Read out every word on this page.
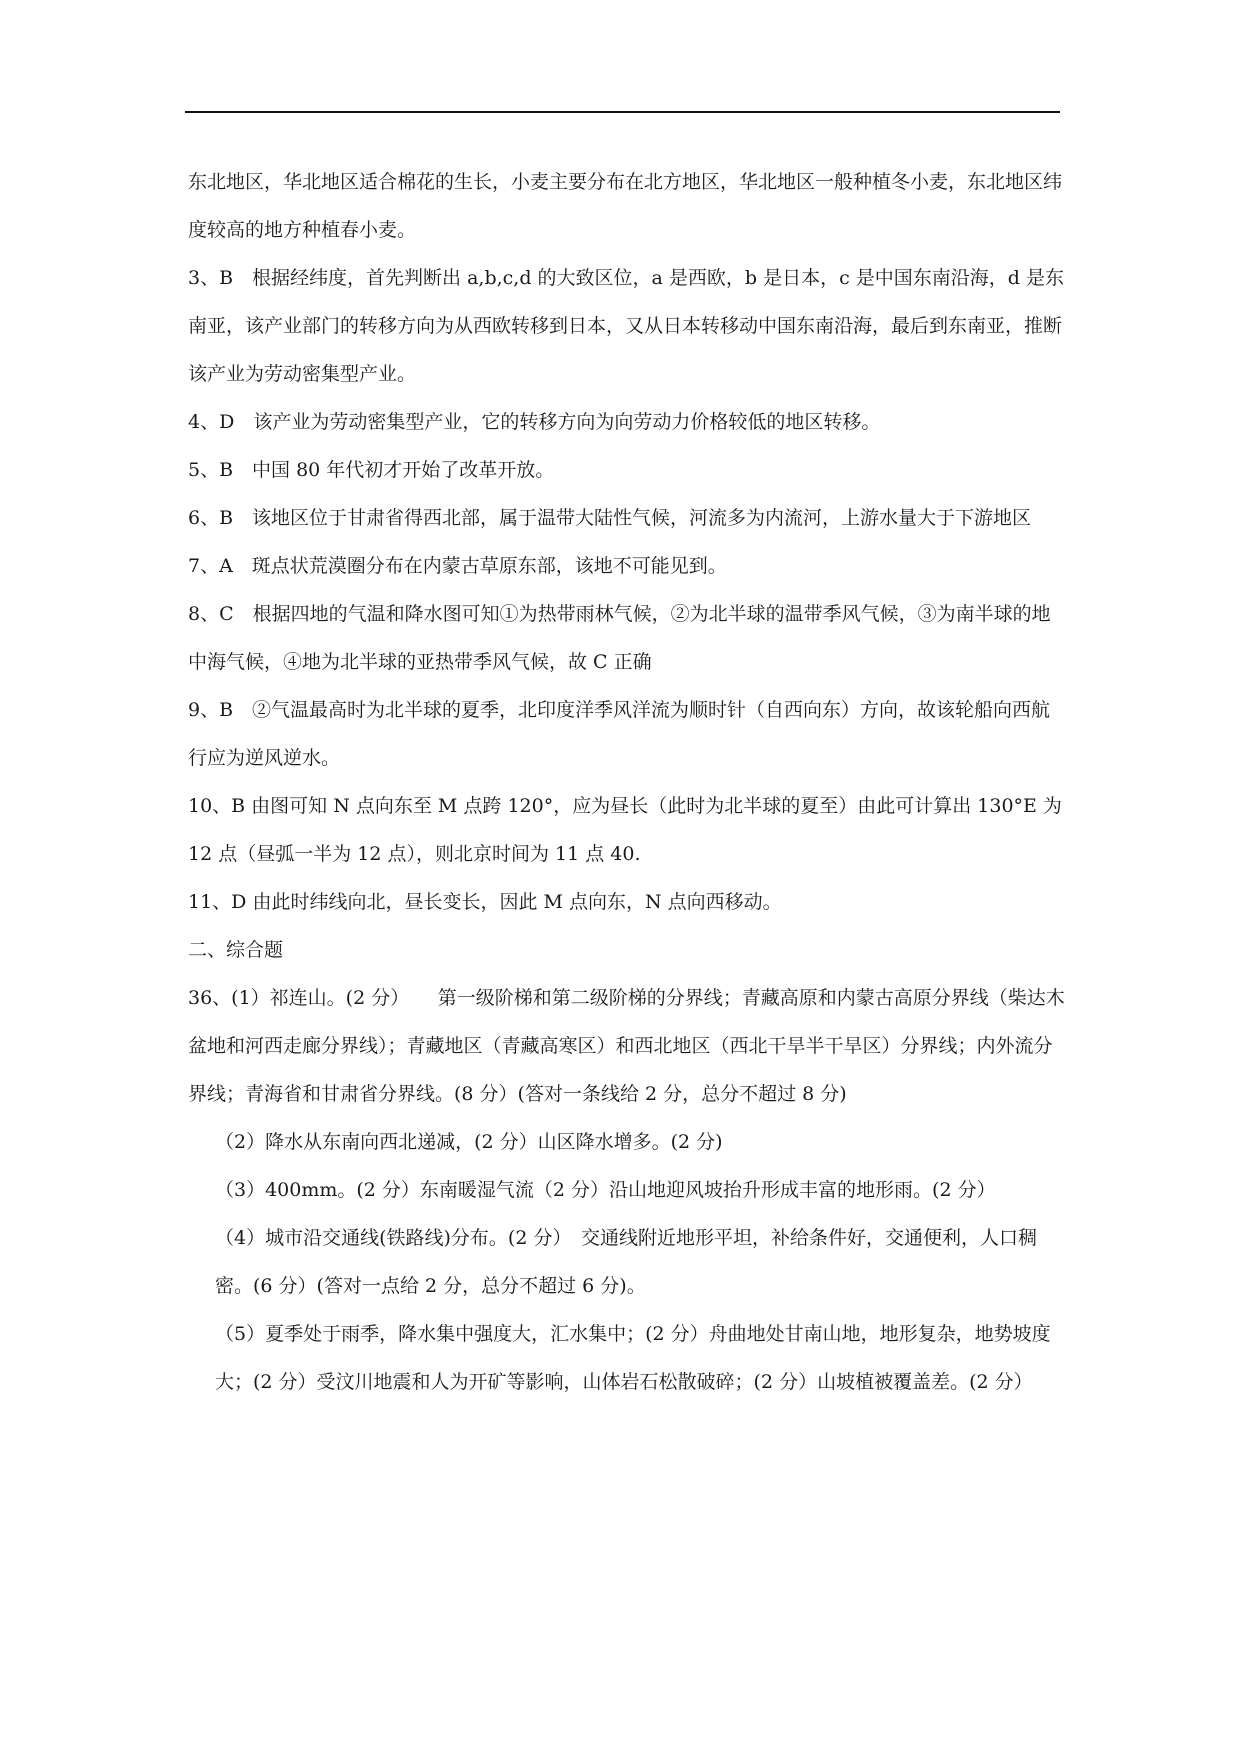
东北地区，华北地区适合棉花的生长，小麦主要分布在北方地区，华北地区一般种植冬小麦，东北地区纬度较高的地方种植春小麦。

3、B　根据经纬度，首先判断出 a,b,c,d 的大致区位，a 是西欧，b 是日本，c 是中国东南沿海，d 是东南亚，该产业部门的转移方向为从西欧转移到日本，又从日本转移动中国东南沿海，最后到东南亚，推断该产业为劳动密集型产业。

4、D　该产业为劳动密集型产业，它的转移方向为向劳动力价格较低的地区转移。

5、B　中国 80 年代初才开始了改革开放。

6、B　该地区位于甘肃省得西北部，属于温带大陆性气候，河流多为内流河，上游水量大于下游地区

7、A　斑点状荒漠圈分布在内蒙古草原东部，该地不可能见到。

8、C　根据四地的气温和降水图可知①为热带雨林气候，②为北半球的温带季风气候，③为南半球的地中海气候，④地为北半球的亚热带季风气候，故 C 正确

9、B　②气温最高时为北半球的夏季，北印度洋季风洋流为顺时针（自西向东）方向，故该轮船向西航行应为逆风逆水。

10、B 由图可知 N 点向东至 M 点跨 120°，应为昼长（此时为北半球的夏至）由此可计算出 130°E 为 12 点（昼弧一半为 12 点），则北京时间为 11 点 40.

11、D 由此时纬线向北，昼长变长，因此 M 点向东，N 点向西移动。

二、综合题

36、(1）祁连山。(2 分）　　第一级阶梯和第二级阶梯的分界线；青藏高原和内蒙古高原分界线（柴达木盆地和河西走廊分界线）；青藏地区（青藏高寒区）和西北地区（西北干旱半干旱区）分界线；内外流分界线；青海省和甘肃省分界线。(8 分）(答对一条线给 2 分，总分不超过 8 分)

（2）降水从东南向西北递减，(2 分）山区降水增多。(2 分)

（3）400mm。(2 分）东南暖湿气流（2 分）沿山地迎风坡抬升形成丰富的地形雨。(2 分）

（4）城市沿交通线(铁路线)分布。(2 分）　交通线附近地形平坦，补给条件好，交通便利，人口稠密。(6 分）(答对一点给 2 分，总分不超过 6 分)。

（5）夏季处于雨季，降水集中强度大，汇水集中；(2 分）舟曲地处甘南山地，地形复杂，地势坡度大；(2 分）受汶川地震和人为开矿等影响，山体岩石松散破碎；(2 分）山坡植被覆盖差。(2 分）
